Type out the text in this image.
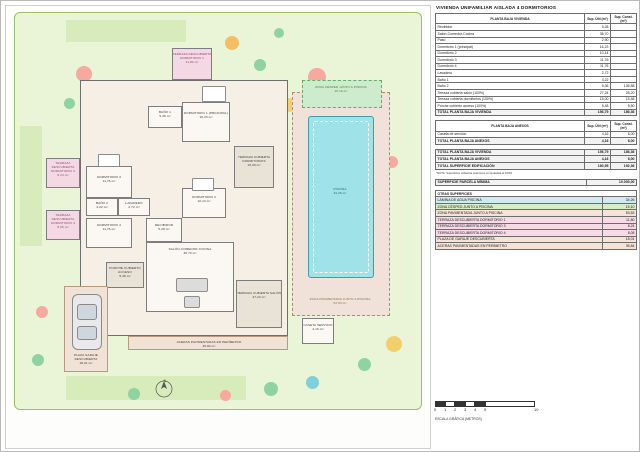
ACERAS PAVIMENTADAS EN PERÍMETRO
35,84 m²
TERRAZA DESCUBIERTA DORMITORIO 1
11,80 m²
TERRAZA DESCUBIERTA DORMITORIO 3
8,24 m²
TERRAZA DESCUBIERTA DORMITORIO 4
8,05 m²
BAÑO 1
5,36 m²
DORMITORIO 1 (PRINCIPAL)
16,23 m²
TERRAZA CUBIERTA DORMITORIOS
15,00 m²
DORMITORIO 3
11,76 m²
BAÑO 2
4,22 m²
LAVADERO
2,72 m²
DORMITORIO 2
10,14 m²
DORMITORIO 4
11,76 m²
RECIBIDOR
5,28 m²
SALÓN-COMEDOR-COCINA
38,70 m²
PORCHE CUBIERTO ACCESO
5,48 m²
TERRAZA CUBIERTA SALÓN
27,24 m²
PLAZA GARAJE DESCUBIERTA
18,01 m²
CASETA SERVICIO
4,16 m²
ZONA PAVIMENTADA JUNTO A PISCINA
53,53 m²
ZONA CÉSPED JUNTO A PISCINA
15,10 m²
PISCINA
34,26 m²
N
VIVIENDA UNIFAMILIAR AISLADA 4 DORMITORIOS
PLANTA BAJA VIVIENDA	Sup. Útil (m²)	Sup. Const. (m²)
Recibidor	5,28	
Salón-Comedor-Cocina	38,70	
Paso	2,90	
Dormitorio 1 (principal)	16,23	
Dormitorio 2	10,14	
Dormitorio 3	11,76	
Dormitorio 4	11,76	
Lavadero	2,72	
Baño 1	4,22	
Baño 2	5,36	136,88
Terraza cubierta salón (100%)	27,24	28,20
Terraza cubierta dormitorios (100%)	15,00	15,48
Porche cubierto acceso (100%)	5,48	5,80
TOTAL PLANTA BAJA VIVIENDA	156,79	186,36
PLANTA BAJA ANEXOS	Sup. Útil (m²)	Sup. Const. (m²)
Caseta de servicio	4,16	6,00
TOTAL PLANTA BAJA ANEXOS	4,16	6,00
TOTAL PLANTA BAJA VIVIENDA	156,79	186,36
TOTAL PLANTA BAJA ANEXOS	4,16	6,00
TOTAL SUPERFICIE EDIFICACIÓN	160,95	192,36
*NOTA: Superficies cubiertas exteriores computadas al 100%
SUPERFICIE PARCELA MÍNIMA	10.000,00
OTRAS SUPERFICIES	
LÁMINA DE AGUA PISCINA	34,26
ZONA CÉSPED JUNTO A PISCINA	15,10
ZONA PAVIMENTADA JUNTO A PISCINA	53,53
TERRAZA DESCUBIERTA DORMITORIO 1	11,80
TERRAZA DESCUBIERTA DORMITORIO 3	8,24
TERRAZA DESCUBIERTA DORMITORIO 4	8,05
PLAZA DE GARAJE DESCUBIERTA	18,01
ACERAS PAVIMENTADAS EN PERÍMETRO	35,84
0 1 2 3 4 5	10
ESCALA GRÁFICA (METROS)
